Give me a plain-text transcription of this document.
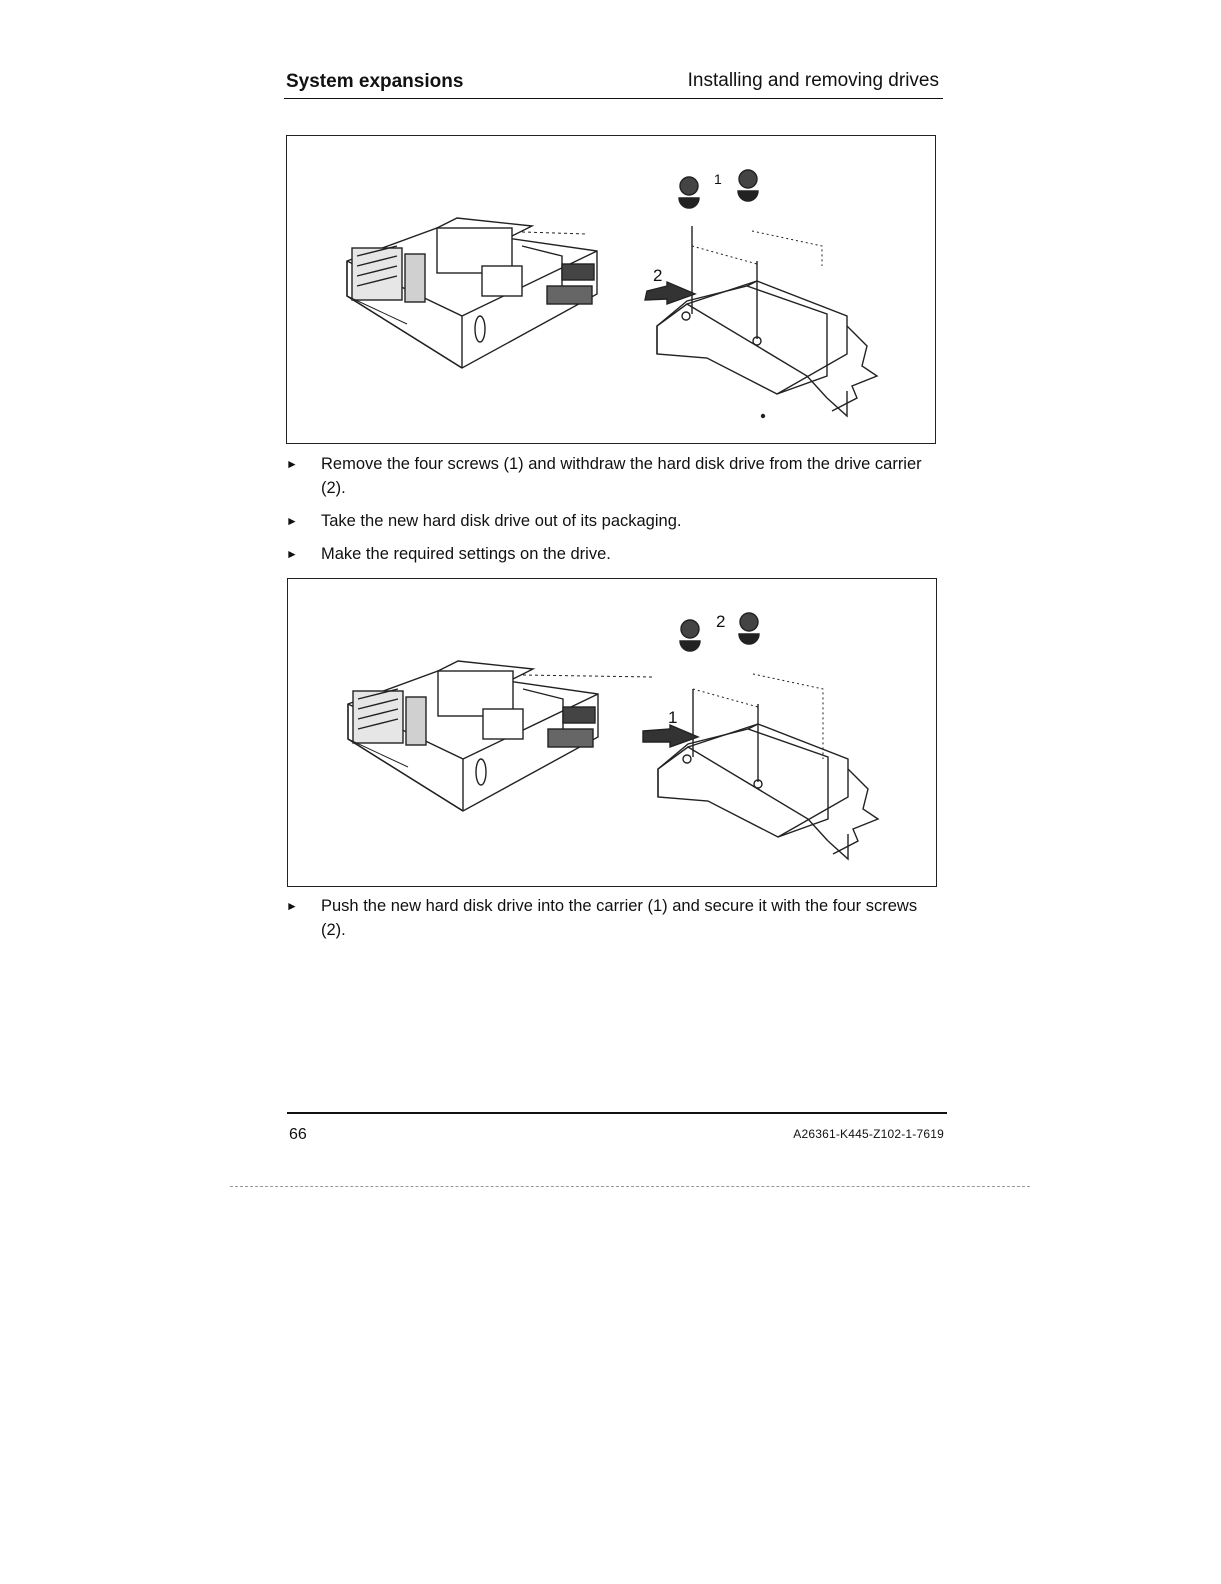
System expansions	Installing and removing drives
1
2
►	Remove the four screws (1) and withdraw the hard disk drive from the drive carrier (2).
►	Take the new hard disk drive out of its packaging.
►	Make the required settings on the drive.
2
1
►	Push the new hard disk drive into the carrier (1) and secure it with the four screws (2).
66	A26361-K445-Z102-1-7619
